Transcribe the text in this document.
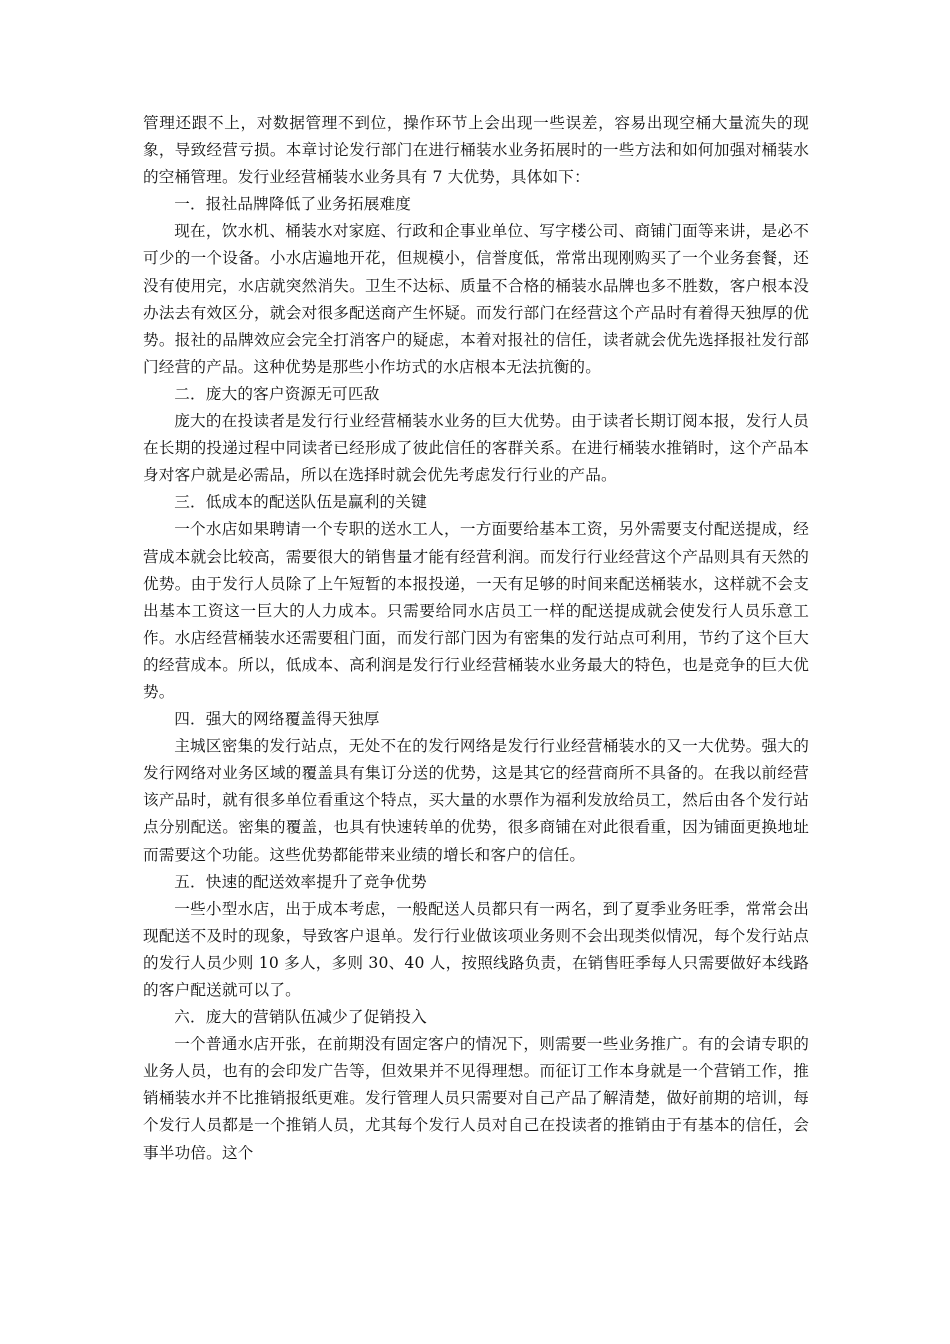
管理还跟不上，对数据管理不到位，操作环节上会出现一些误差，容易出现空桶大量流失的现象，导致经营亏损。本章讨论发行部门在进行桶装水业务拓展时的一些方法和如何加强对桶装水的空桶管理。发行业经营桶装水业务具有 7 大优势，具体如下：

一．报社品牌降低了业务拓展难度

现在，饮水机、桶装水对家庭、行政和企事业单位、写字楼公司、商铺门面等来讲，是必不可少的一个设备。小水店遍地开花，但规模小，信誉度低，常常出现刚购买了一个业务套餐，还没有使用完，水店就突然消失。卫生不达标、质量不合格的桶装水品牌也多不胜数，客户根本没办法去有效区分，就会对很多配送商产生怀疑。而发行部门在经营这个产品时有着得天独厚的优势。报社的品牌效应会完全打消客户的疑虑，本着对报社的信任，读者就会优先选择报社发行部门经营的产品。这种优势是那些小作坊式的水店根本无法抗衡的。

二．庞大的客户资源无可匹敌

庞大的在投读者是发行行业经营桶装水业务的巨大优势。由于读者长期订阅本报，发行人员在长期的投递过程中同读者已经形成了彼此信任的客群关系。在进行桶装水推销时，这个产品本身对客户就是必需品，所以在选择时就会优先考虑发行行业的产品。

三．低成本的配送队伍是赢利的关键

一个水店如果聘请一个专职的送水工人，一方面要给基本工资，另外需要支付配送提成，经营成本就会比较高，需要很大的销售量才能有经营利润。而发行行业经营这个产品则具有天然的优势。由于发行人员除了上午短暂的本报投递，一天有足够的时间来配送桶装水，这样就不会支出基本工资这一巨大的人力成本。只需要给同水店员工一样的配送提成就会使发行人员乐意工作。水店经营桶装水还需要租门面，而发行部门因为有密集的发行站点可利用，节约了这个巨大的经营成本。所以，低成本、高利润是发行行业经营桶装水业务最大的特色，也是竞争的巨大优势。

四．强大的网络覆盖得天独厚

主城区密集的发行站点，无处不在的发行网络是发行行业经营桶装水的又一大优势。强大的发行网络对业务区域的覆盖具有集订分送的优势，这是其它的经营商所不具备的。在我以前经营该产品时，就有很多单位看重这个特点，买大量的水票作为福利发放给员工，然后由各个发行站点分别配送。密集的覆盖，也具有快速转单的优势，很多商铺在对此很看重，因为铺面更换地址而需要这个功能。这些优势都能带来业绩的增长和客户的信任。

五．快速的配送效率提升了竞争优势

一些小型水店，出于成本考虑，一般配送人员都只有一两名，到了夏季业务旺季，常常会出现配送不及时的现象，导致客户退单。发行行业做该项业务则不会出现类似情况，每个发行站点的发行人员少则 10 多人，多则 30、40 人，按照线路负责，在销售旺季每人只需要做好本线路的客户配送就可以了。

六．庞大的营销队伍减少了促销投入

一个普通水店开张，在前期没有固定客户的情况下，则需要一些业务推广。有的会请专职的业务人员，也有的会印发广告等，但效果并不见得理想。而征订工作本身就是一个营销工作，推销桶装水并不比推销报纸更难。发行管理人员只需要对自己产品了解清楚，做好前期的培训，每个发行人员都是一个推销人员，尤其每个发行人员对自己在投读者的推销由于有基本的信任，会事半功倍。这个
